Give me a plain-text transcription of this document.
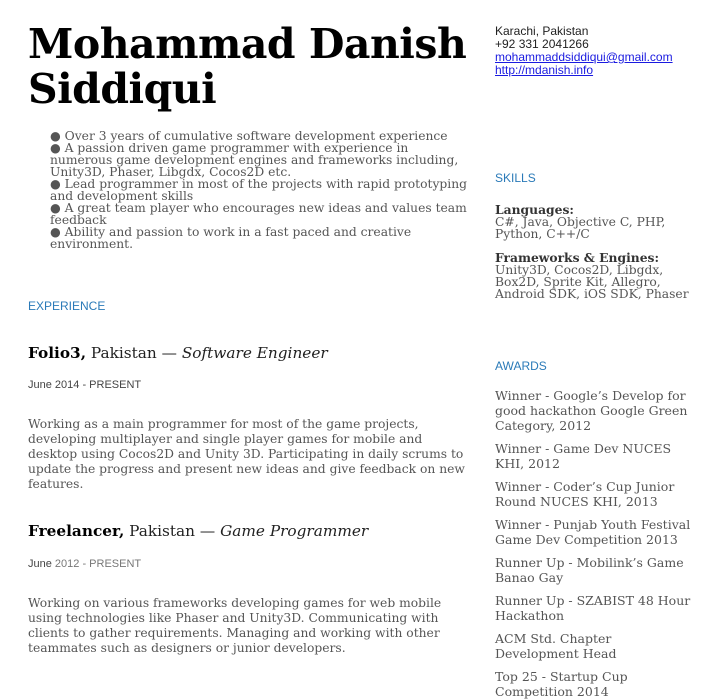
Mohammad Danish
Siddiqui
Karachi, Pakistan
+92 331 2041266
mohammaddsiddiqui@gmail.com
http://mdanish.info
● Over 3 years of cumulative software development experience
● A passion driven game programmer with experience in numerous game development engines and frameworks including, Unity3D, Phaser, Libgdx, Cocos2D etc.
● Lead programmer in most of the projects with rapid prototyping and development skills
● A great team player who encourages new ideas and values team feedback
● Ability and passion to work in a fast paced and creative environment.
EXPERIENCE
Folio3, Pakistan — Software Engineer
June 2014 - PRESENT
Working as a main programmer for most of the game projects, developing multiplayer and single player games for mobile and desktop using Cocos2D and Unity 3D. Participating in daily scrums to update the progress and present new ideas and give feedback on new features.
Freelancer, Pakistan — Game Programmer
June 2012 - PRESENT
Working on various frameworks developing games for web mobile using technologies like Phaser and Unity3D. Communicating with clients to gather requirements. Managing and working with other teammates such as designers or junior developers.
SKILLS
Languages:
C#, Java, Objective C, PHP, Python, C++/C
Frameworks & Engines:
Unity3D, Cocos2D, Libgdx, Box2D, Sprite Kit, Allegro, Android SDK, iOS SDK, Phaser
AWARDS
Winner - Google’s Develop for good hackathon Google Green Category, 2012
Winner - Game Dev NUCES KHI, 2012
Winner - Coder’s Cup Junior Round NUCES KHI, 2013
Winner - Punjab Youth Festival Game Dev Competition 2013
Runner Up - Mobilink’s Game Banao Gay
Runner Up - SZABIST 48 Hour Hackathon
ACM Std. Chapter Development Head
Top 25 - Startup Cup Competition 2014
